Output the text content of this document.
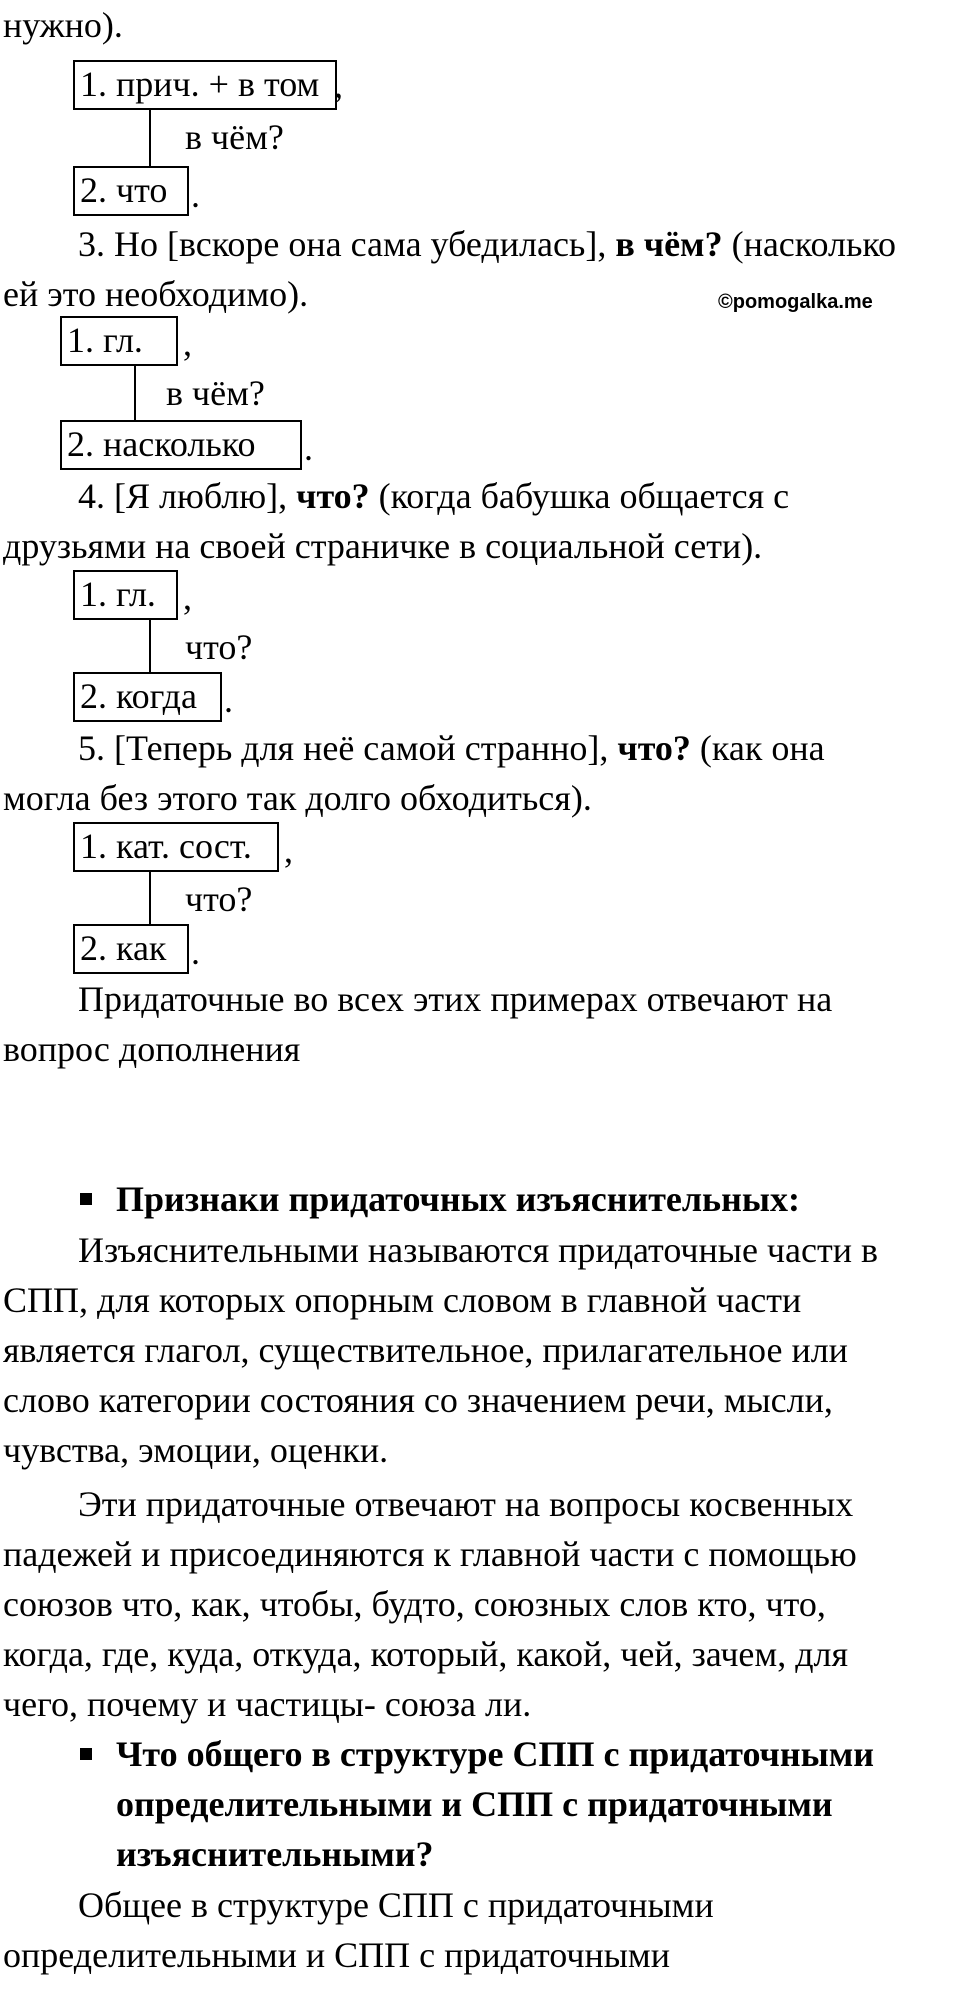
нужно).
1. прич. + в том ,
в чём?
2. что .
3. Но [вскоре она сама убедилась], в чём? (насколько
ей это необходимо).	©pomogalka.me
1. гл.	,
в чём?
2. насколько	.
4. [Я люблю], что? (когда бабушка общается с
друзьями на своей страничке в социальной сети).
1. гл. ,
что?
2. когда .
5. [Теперь для неё самой странно], что? (как она
могла без этого так долго обходиться).
1. кат. сост. ,
что?
2. как .
Придаточные во всех этих примерах отвечают на
вопрос дополнения
Признаки придаточных изъяснительных:
Изъяснительными называются придаточные части в
СПП, для которых опорным словом в главной части
является глагол, существительное, прилагательное или
слово категории состояния со значением речи, мысли,
чувства, эмоции, оценки.
Эти придаточные отвечают на вопросы косвенных
падежей и присоединяются к главной части с помощью
союзов что, как, чтобы, будто, союзных слов кто, что,
когда, где, куда, откуда, который, какой, чей, зачем, для
чего, почему и частицы- союза ли.
Что общего в структуре СПП с придаточными
определительными и СПП с придаточными
изъяснительными?
Общее в структуре СПП с придаточными
определительными и СПП с придаточными
